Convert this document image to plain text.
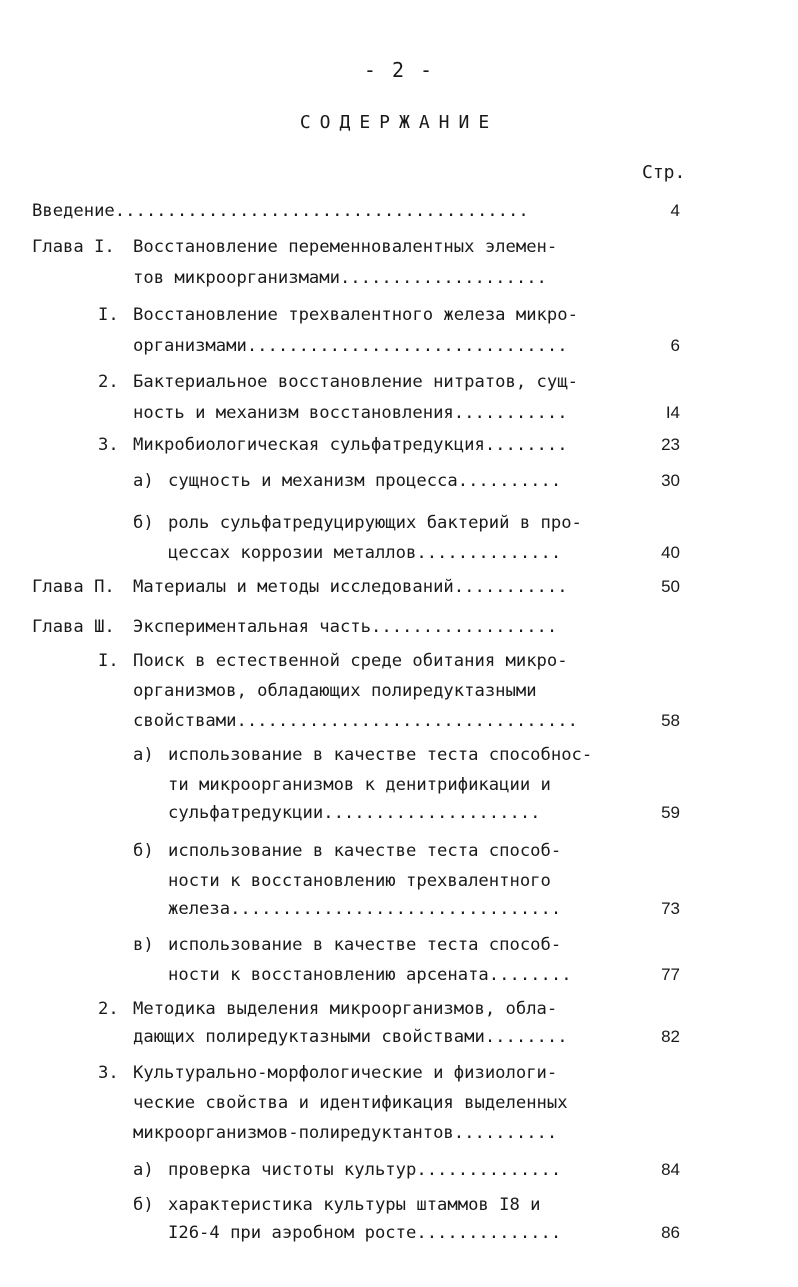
- 2 -
СОДЕРЖАНИЕ
Стр.
Введение........................................	4
Глава I. Восстановление переменновалентных элемен-
тов микроорганизмами....................
I. Восстановление трехвалентного железа микро-
организмами...............................	6
2. Бактериальное восстановление нитратов, сущ-
ность и механизм восстановления...........	I4
3. Микробиологическая сульфатредукция........	23
а) сущность и механизм процесса..........	30
б) роль сульфатредуцирующих бактерий в про-
цессах коррозии металлов..............	40
Глава П. Материалы и методы исследований...........	50
Глава Ш. Экспериментальная часть..................
I. Поиск в естественной среде обитания микро-
организмов, обладающих полиредуктазными
свойствами.................................	58
а) использование в качестве теста способнос-
ти микроорганизмов к денитрификации и
сульфатредукции.....................	59
б) использование в качестве теста способ-
ности к восстановлению трехвалентного
железа................................	73
в) использование в качестве теста способ-
ности к восстановлению арсената........	77
2. Методика выделения микроорганизмов, обла-
дающих полиредуктазными свойствами........	82
3. Культурально-морфологические и физиологи-
ческие свойства и идентификация выделенных
микроорганизмов-полиредуктантов..........
а) проверка чистоты культур..............	84
б) характеристика культуры штаммов I8 и
I26-4 при аэробном росте..............	86
